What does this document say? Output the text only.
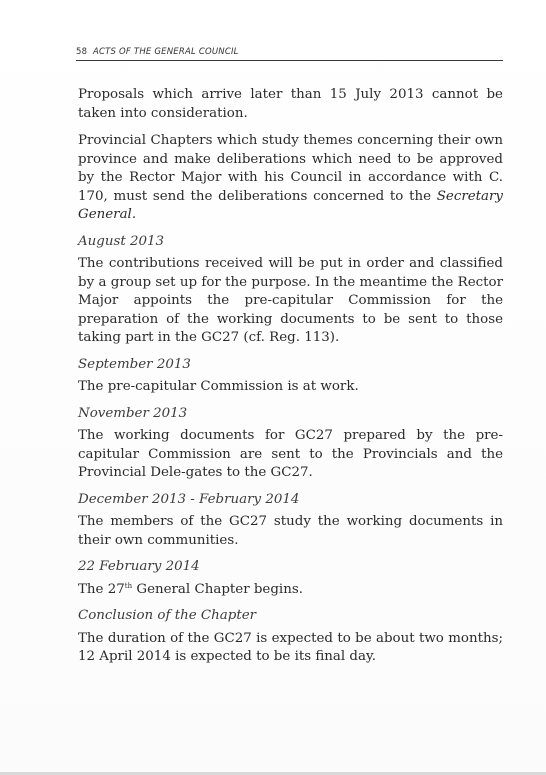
58 ACTS OF THE GENERAL COUNCIL

Proposals which arrive later than 15 July 2013 cannot be taken into consideration.

Provincial Chapters which study themes concerning their own province and make deliberations which need to be approved by the Rector Major with his Council in accordance with C. 170, must send the deliberations concerned to the Secretary General.

August 2013

The contributions received will be put in order and classified by a group set up for the purpose. In the meantime the Rector Major appoints the pre-capitular Commission for the preparation of the working documents to be sent to those taking part in the GC27 (cf. Reg. 113).

September 2013

The pre-capitular Commission is at work.

November 2013

The working documents for GC27 prepared by the pre-capitular Commission are sent to the Provincials and the Provincial Dele-gates to the GC27.

December 2013 - February 2014

The members of the GC27 study the working documents in their own communities.

22 February 2014

The 27th General Chapter begins.

Conclusion of the Chapter

The duration of the GC27 is expected to be about two months; 12 April 2014 is expected to be its final day.
